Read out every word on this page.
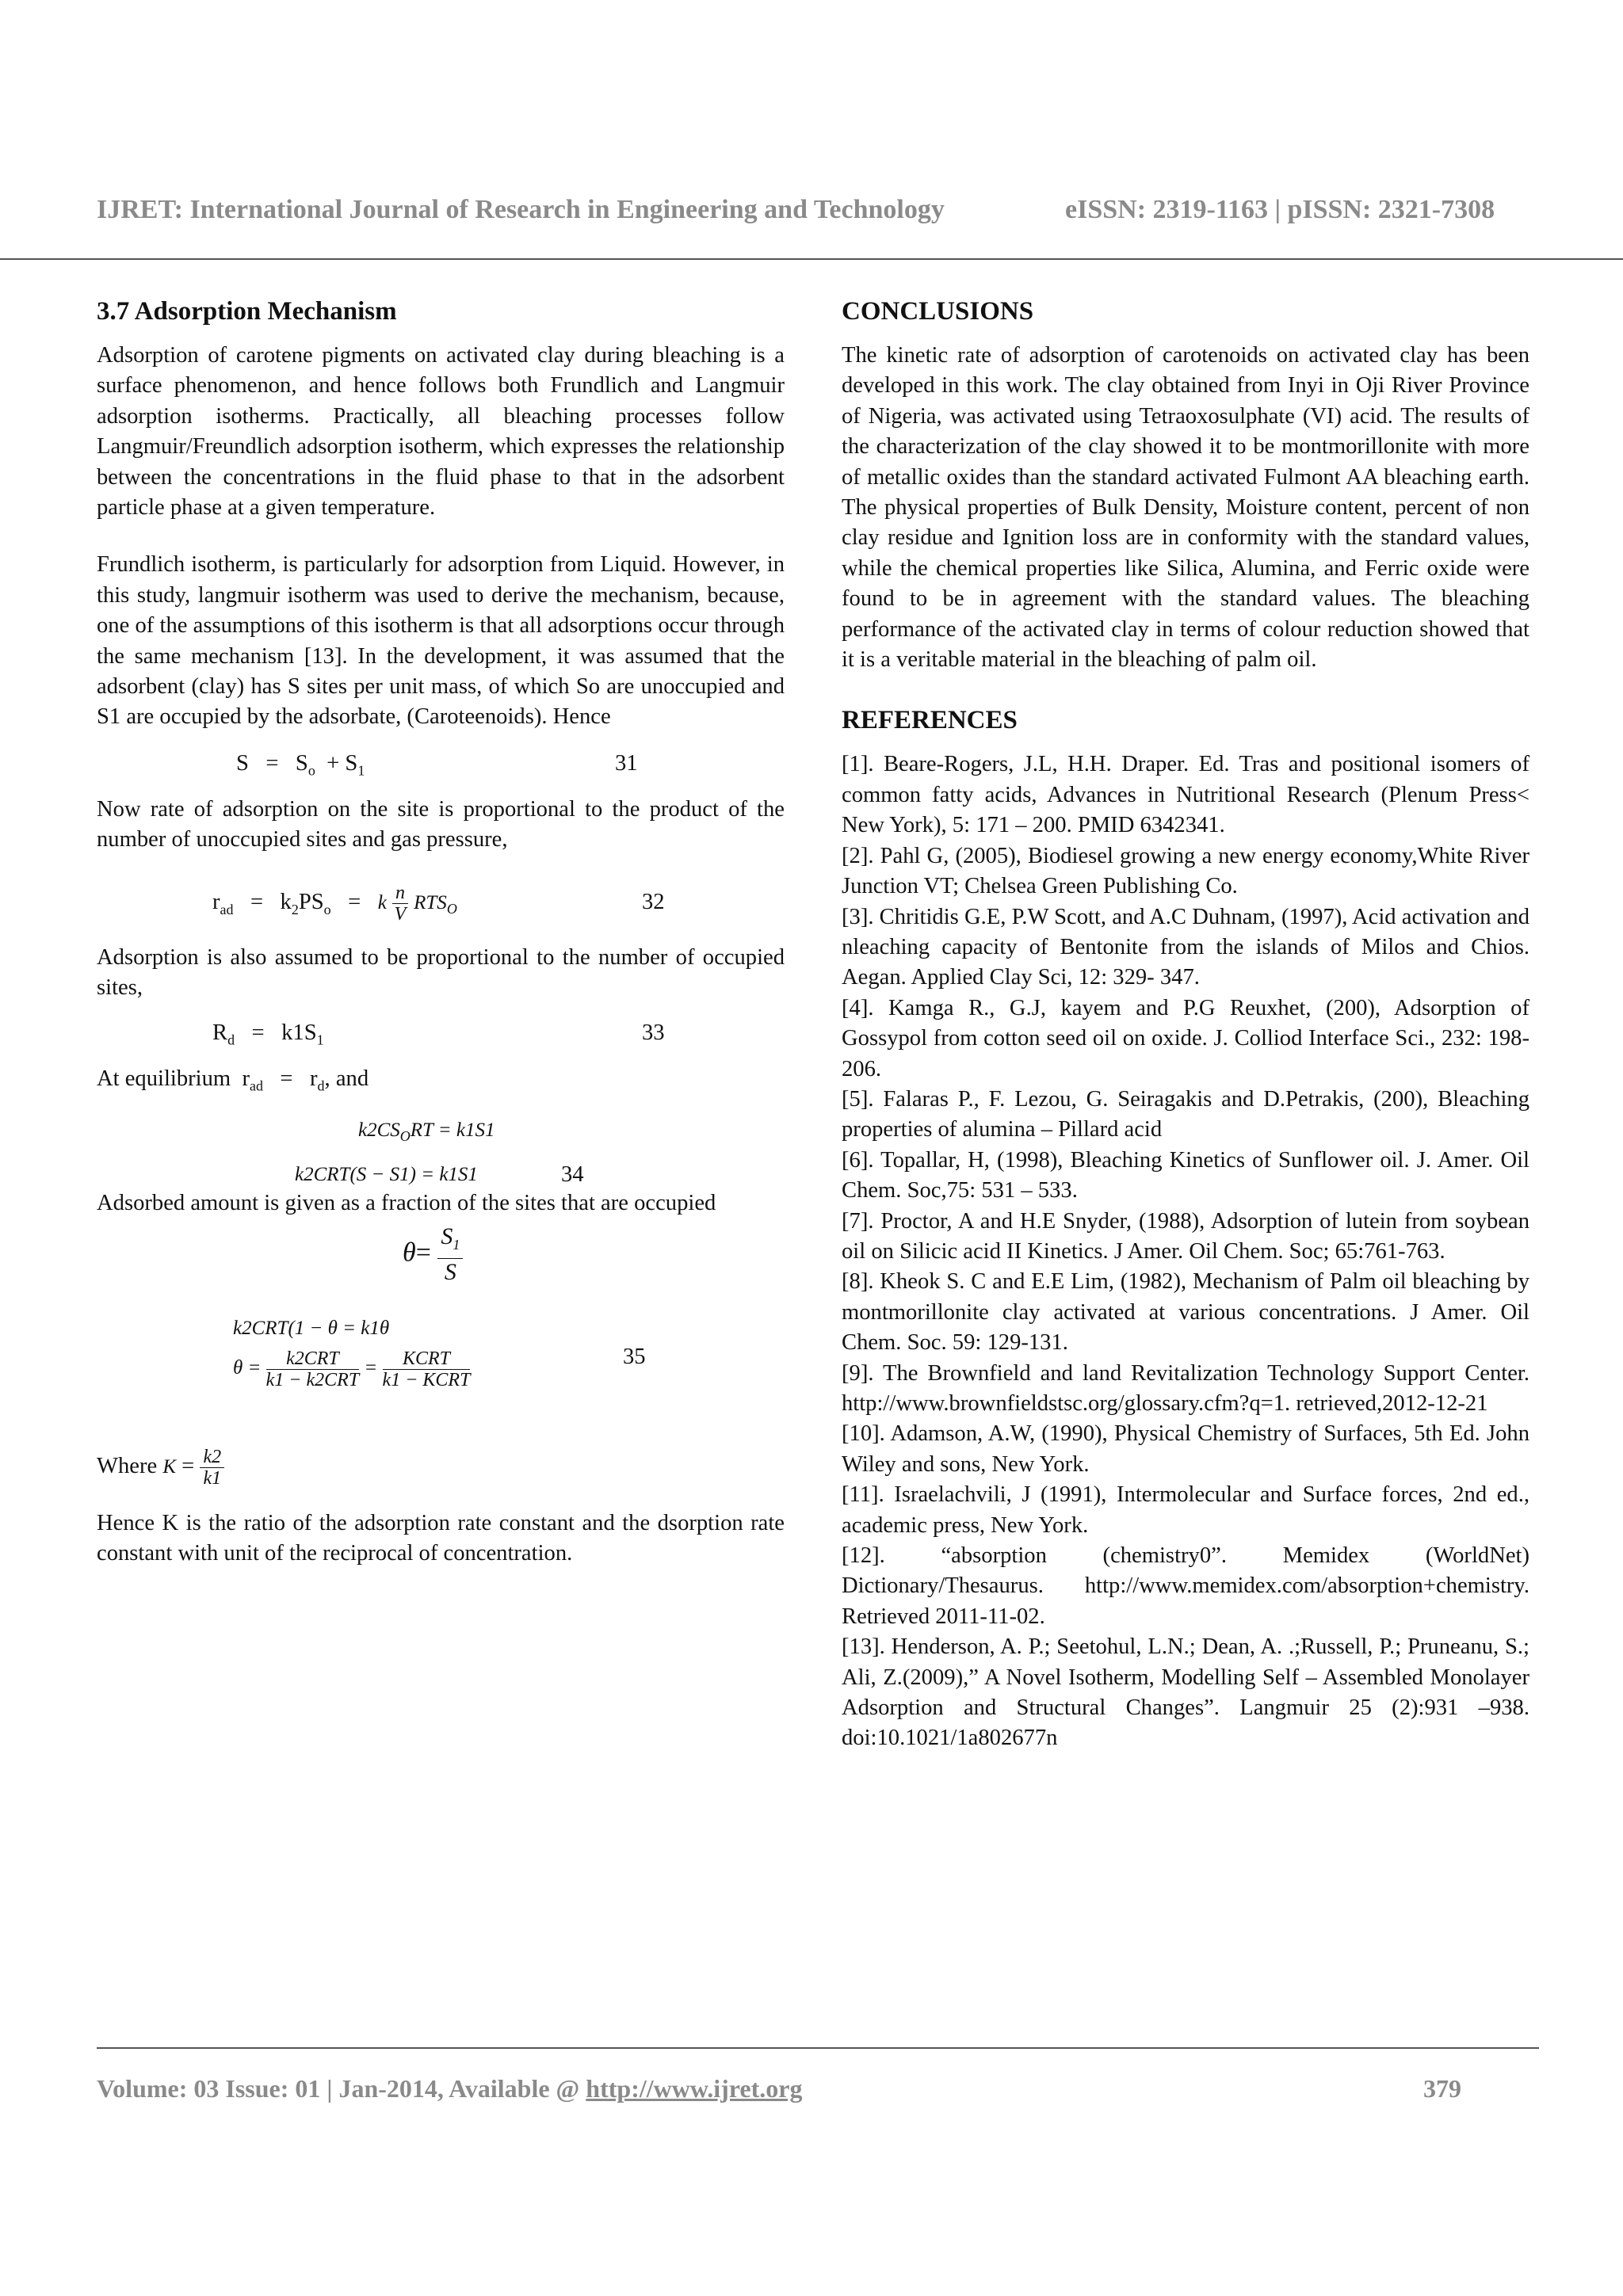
IJRET: International Journal of Research in Engineering and Technology	eISSN: 2319-1163 | pISSN: 2321-7308
3.7 Adsorption Mechanism

Adsorption of carotene pigments on activated clay during bleaching is a surface phenomenon, and hence follows both Frundlich and Langmuir adsorption isotherms. Practically, all bleaching processes follow Langmuir/Freundlich adsorption isotherm, which expresses the relationship between the concentrations in the fluid phase to that in the adsorbent particle phase at a given temperature.

Frundlich isotherm, is particularly for adsorption from Liquid. However, in this study, langmuir isotherm was used to derive the mechanism, because, one of the assumptions of this isotherm is that all adsorptions occur through the same mechanism [13]. In the development, it was assumed that the adsorbent (clay) has S sites per unit mass, of which So are unoccupied and S1 are occupied by the adsorbate, (Caroteenoids). Hence

$S = S_o + S_1$	31

Now rate of adsorption on the site is proportional to the product of the number of unoccupied sites and gas pressure,

$r_{ad} = k_2PS_o = k \frac{n}{V} RTS_O$	32

Adsorption is also assumed to be proportional to the number of occupied sites,

$R_d = k1S_1$	33

At equilibrium  $r_{ad} = r_d$, and

$k2CS_ORT = k1S1$
k2CRT(S − S1) = k1S1	34

Adsorbed amount is given as a fraction of the sites that are occupied

$\theta= \frac{S_1}{S}$
k2CRT(1 − θ = k1θ
$\theta = \frac{\text{k2CRT}}{\text{k1 − k2CRT}} = \frac{\text{KCRT}}{\text{k1 − KCRT}}$	35
Where $K = \frac{k2}{k1}$

Hence K is the ratio of the adsorption rate constant and the dsorption rate constant with unit of the reciprocal of concentration.

CONCLUSIONS

The kinetic rate of adsorption of carotenoids on activated clay has been developed in this work. The clay obtained from Inyi in Oji River Province of Nigeria, was activated using Tetraoxosulphate (VI) acid. The results of the characterization of the clay showed it to be montmorillonite with more of metallic oxides than the standard activated Fulmont AA bleaching earth. The physical properties of Bulk Density, Moisture content, percent of non clay residue and Ignition loss are in conformity with the standard values, while the chemical properties like Silica, Alumina, and Ferric oxide were found to be in agreement with the standard values. The bleaching performance of the activated clay in terms of colour reduction showed that it is a veritable material in the bleaching of palm oil.

REFERENCES

[1]. Beare-Rogers, J.L, H.H. Draper. Ed. Tras and positional isomers of common fatty acids, Advances in Nutritional Research (Plenum Press< New York), 5: 171 – 200. PMID 6342341.

[2]. Pahl G, (2005), Biodiesel growing a new energy economy,White River Junction VT; Chelsea Green Publishing Co.

[3]. Chritidis G.E, P.W Scott, and A.C Duhnam, (1997), Acid activation and nleaching capacity of Bentonite from the islands of Milos and Chios. Aegan. Applied Clay Sci, 12: 329- 347.

[4]. Kamga R., G.J, kayem and P.G Reuxhet, (200), Adsorption of Gossypol from cotton seed oil on oxide. J. Colliod Interface Sci., 232: 198-206.

[5]. Falaras P., F. Lezou, G. Seiragakis and D.Petrakis, (200), Bleaching properties of alumina – Pillard acid

[6]. Topallar, H, (1998), Bleaching Kinetics of Sunflower oil. J. Amer. Oil Chem. Soc,75: 531 – 533.

[7]. Proctor, A and H.E Snyder, (1988), Adsorption of lutein from soybean oil on Silicic acid II Kinetics. J Amer. Oil Chem. Soc; 65:761-763.

[8]. Kheok S. C and E.E Lim, (1982), Mechanism of Palm oil bleaching by montmorillonite clay activated at various concentrations. J Amer. Oil Chem. Soc. 59: 129-131.

[9]. The Brownfield and land Revitalization Technology Support Center. http://www.brownfieldstsc.org/glossary.cfm?q=1. retrieved,2012-12-21

[10]. Adamson, A.W, (1990), Physical Chemistry of Surfaces, 5th Ed. John Wiley and sons, New York.

[11]. Israelachvili, J (1991), Intermolecular and Surface forces, 2nd ed., academic press, New York.

[12]. “absorption (chemistry0”. Memidex (WorldNet) Dictionary/Thesaurus. http://www.memidex.com/absorption+chemistry. Retrieved 2011-11-02.

[13]. Henderson, A. P.; Seetohul, L.N.; Dean, A. .;Russell, P.; Pruneanu, S.; Ali, Z.(2009),” A Novel Isotherm, Modelling Self – Assembled Monolayer Adsorption and Structural Changes”. Langmuir 25 (2):931 –938. doi:10.1021/1a802677n

Volume: 03 Issue: 01 | Jan-2014, Available @ http://www.ijret.org	379
